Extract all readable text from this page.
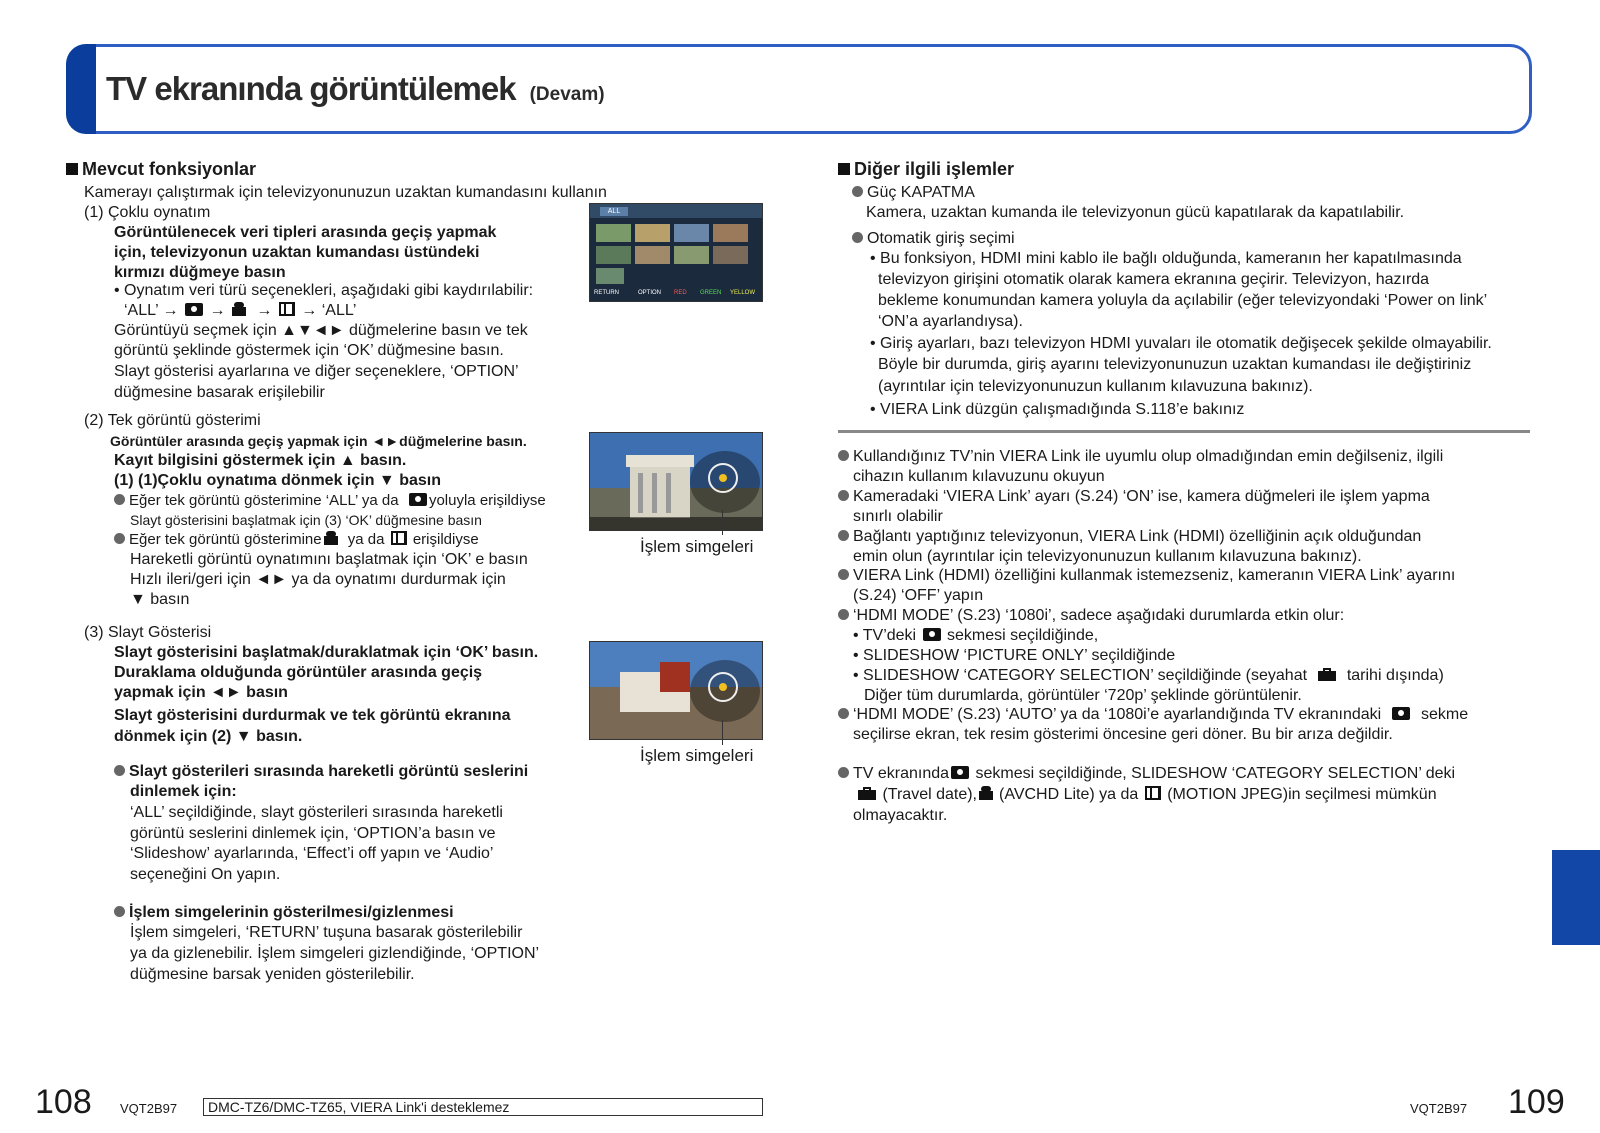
TV ekranında görüntülemek (Devam)
Mevcut fonksiyonlar
Kamerayı çalıştırmak için televizyonunuzun uzaktan kumandasını kullanın
(1) Çoklu oynatım
Görüntülenecek veri tipleri arasında geçiş yapmak
için, televizyonun uzaktan kumandası üstündeki
kırmızı düğmeye basın
• Oynatım veri türü seçenekleri, aşağıdaki gibi kaydırılabilir:
‘ALL’ → → → → ‘ALL’
Görüntüyü seçmek için ▲▼◄► düğmelerine basın ve tek
görüntü şeklinde göstermek için ‘OK’ düğmesine basın.
Slayt gösterisi ayarlarına ve diğer seçeneklere, ‘OPTION’
düğmesine basarak erişilebilir
ALL
RETURN	OPTION RED GREEN YELLOW
(2) Tek görüntü gösterimi
Görüntüler arasında geçiş yapmak için ◄►düğmelerine basın.
Kayıt bilgisini göstermek için ▲ basın.
(1) (1)Çoklu oynatıma dönmek için ▼ basın
Eğer tek görüntü gösterimine ‘ALL’ ya da yoluyla erişildiyse
Slayt gösterisini başlatmak için (3) ‘OK’ düğmesine basın
Eğer tek görüntü gösterimine ya da erişildiyse
Hareketli görüntü oynatımını başlatmak için ‘OK’ e basın
Hızlı ileri/geri için ◄► ya da oynatımı durdurmak için
▼ basın
İşlem simgeleri
(3) Slayt Gösterisi
Slayt gösterisini başlatmak/duraklatmak için ‘OK’ basın.
Duraklama olduğunda görüntüler arasında geçiş
yapmak için ◄► basın
Slayt gösterisini durdurmak ve tek görüntü ekranına
dönmek için (2) ▼ basın.
İşlem simgeleri
Slayt gösterileri sırasında hareketli görüntü seslerini
dinlemek için:
‘ALL’ seçildiğinde, slayt gösterileri sırasında hareketli
görüntü seslerini dinlemek için, ‘OPTION’a basın ve
‘Slideshow’ ayarlarında, ‘Effect’i off yapın ve ‘Audio’
seçeneğini On yapın.
İşlem simgelerinin gösterilmesi/gizlenmesi
İşlem simgeleri, ‘RETURN’ tuşuna basarak gösterilebilir
ya da gizlenebilir. İşlem simgeleri gizlendiğinde, ‘OPTION’
düğmesine barsak yeniden gösterilebilir.
Diğer ilgili işlemler
Güç KAPATMA
Kamera, uzaktan kumanda ile televizyonun gücü kapatılarak da kapatılabilir.
Otomatik giriş seçimi
• Bu fonksiyon, HDMI mini kablo ile bağlı olduğunda, kameranın her kapatılmasında
televizyon girişini otomatik olarak kamera ekranına geçirir. Televizyon, hazırda
bekleme konumundan kamera yoluyla da açılabilir (eğer televizyondaki ‘Power on link’
‘ON’a ayarlandıysa).
• Giriş ayarları, bazı televizyon HDMI yuvaları ile otomatik değişecek şekilde olmayabilir.
Böyle bir durumda, giriş ayarını televizyonunuzun uzaktan kumandası ile değiştiriniz
(ayrıntılar için televizyonunuzun kullanım kılavuzuna bakınız).
• VIERA Link düzgün çalışmadığında S.118’e bakınız
Kullandığınız TV’nin VIERA Link ile uyumlu olup olmadığından emin değilseniz, ilgili
cihazın kullanım kılavuzunu okuyun
Kameradaki ‘VIERA Link’ ayarı (S.24) ‘ON’ ise, kamera düğmeleri ile işlem yapma
sınırlı olabilir
Bağlantı yaptığınız televizyonun, VIERA Link (HDMI) özelliğinin açık olduğundan
emin olun (ayrıntılar için televizyonunuzun kullanım kılavuzuna bakınız).
VIERA Link (HDMI) özelliğini kullanmak istemezseniz, kameranın VIERA Link’ ayarını
(S.24) ‘OFF’ yapın
‘HDMI MODE’ (S.23) ‘1080i’, sadece aşağıdaki durumlarda etkin olur:
• TV’deki sekmesi seçildiğinde,
• SLIDESHOW ‘PICTURE ONLY’ seçildiğinde
• SLIDESHOW ‘CATEGORY SELECTION’ seçildiğinde (seyahat tarihi dışında)
Diğer tüm durumlarda, görüntüler ‘720p’ şeklinde görüntülenir.
‘HDMI MODE’ (S.23) ‘AUTO’ ya da ‘1080i’e ayarlandığında TV ekranındaki sekme
seçilirse ekran, tek resim gösterimi öncesine geri döner. Bu bir arıza değildir.
TV ekranında sekmesi seçildiğinde, SLIDESHOW ‘CATEGORY SELECTION’ deki
(Travel date), (AVCHD Lite) ya da (MOTION JPEG)in seçilmesi mümkün
olmayacaktır.
108 VQT2B97	DMC-TZ6/DMC-TZ65, VIERA Link'i desteklemez	VQT2B97 109
